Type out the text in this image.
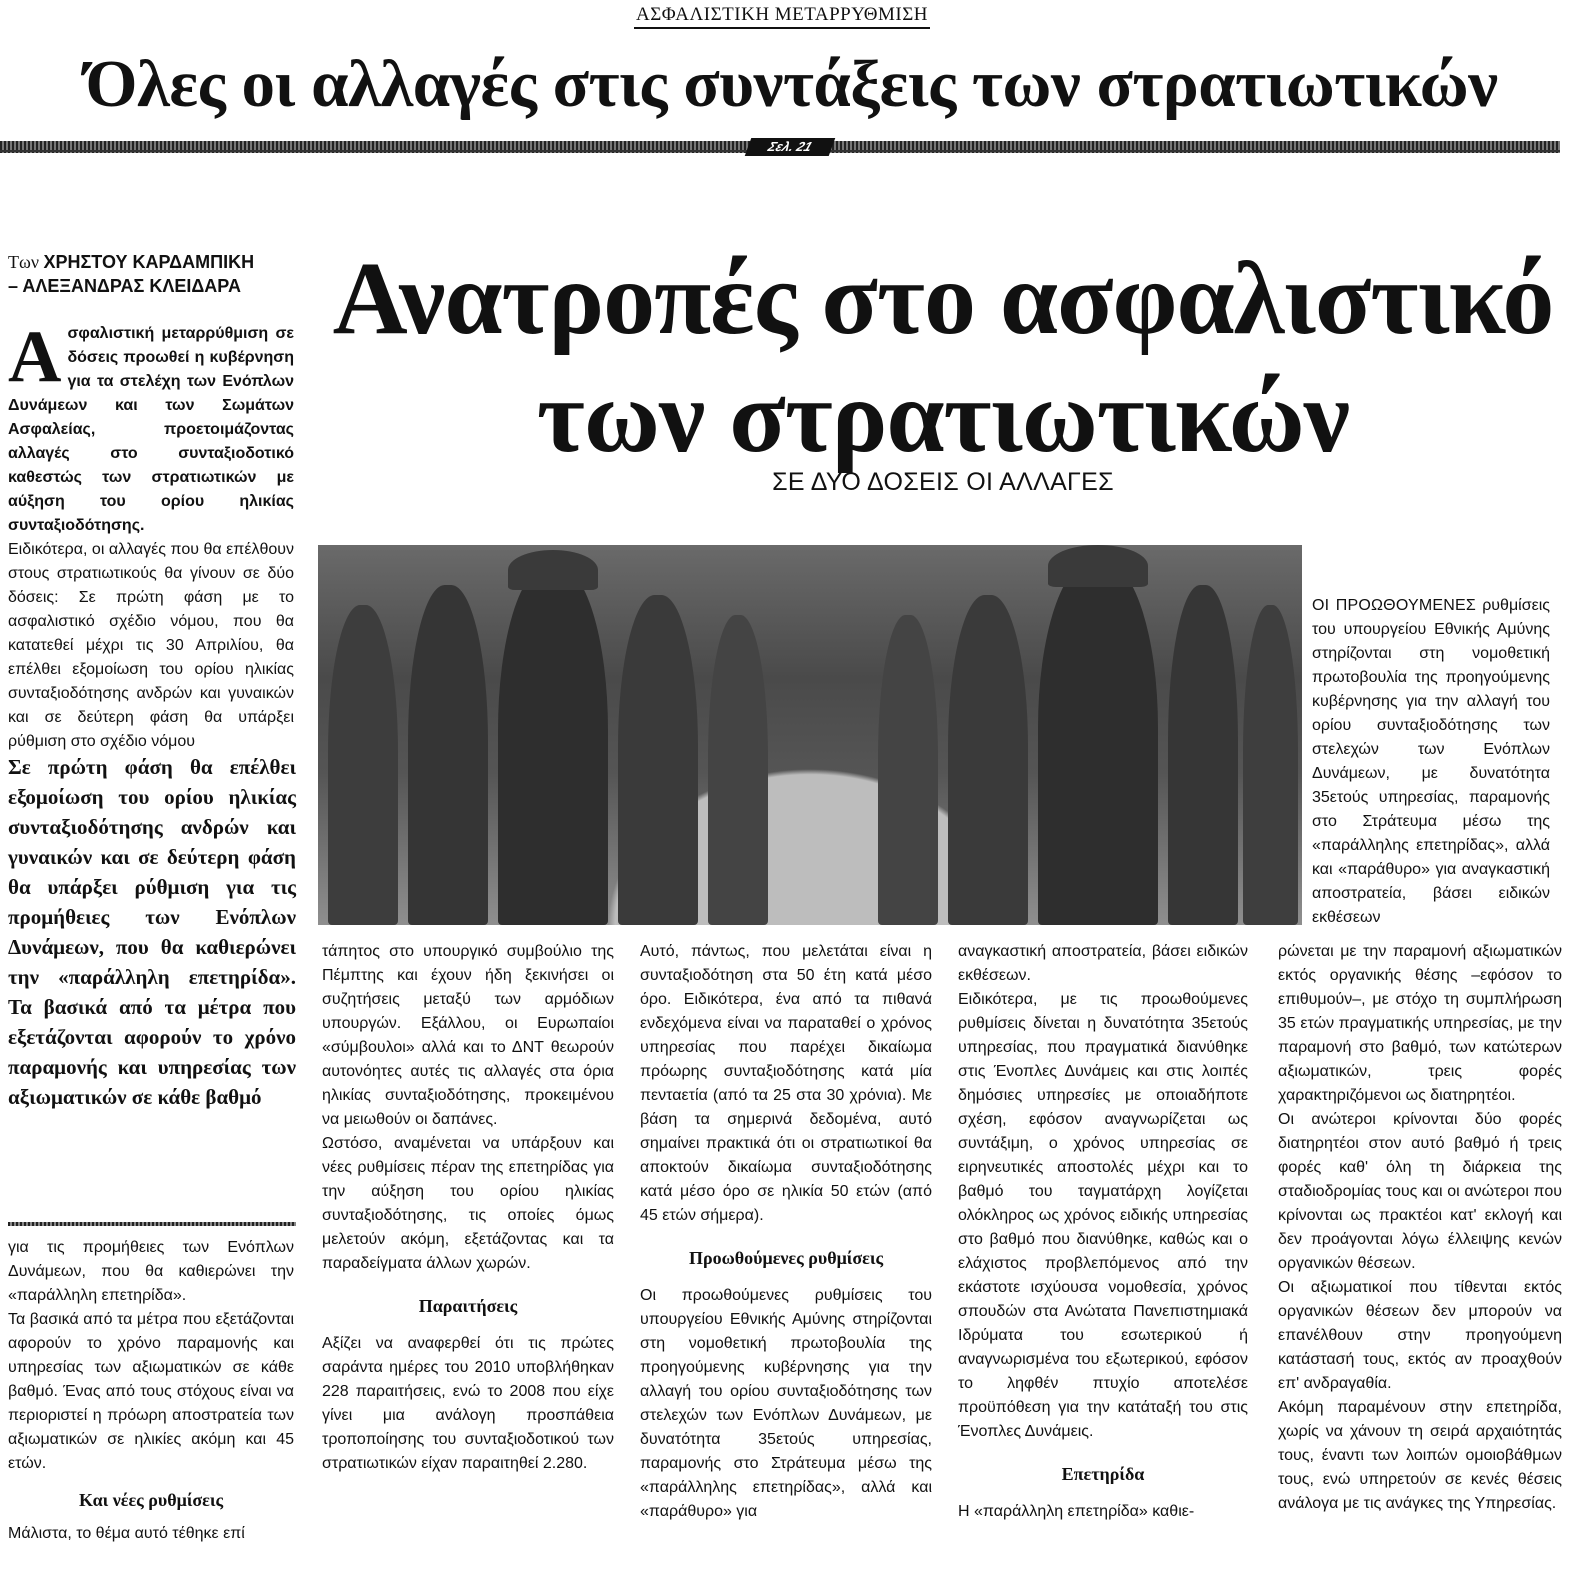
ΑΣΦΑΛΙΣΤΙΚΗ ΜΕΤΑΡΡΥΘΜΙΣΗ
Όλες οι αλλαγές στις συντάξεις των στρατιωτικών
Σελ. 21
Των ΧΡΗΣΤΟΥ ΚΑΡΔΑΜΠΙΚΗ
– ΑΛΕΞΑΝΔΡΑΣ ΚΛΕΙΔΑΡΑ Ανατροπές στο ασφαλιστικό
των στρατιωτικών
ΣΕ ΔΥΟ ΔΟΣΕΙΣ ΟΙ ΑΛΛΑΓΕΣ
Α σφαλιστική μεταρρύθμιση σε δόσεις προωθεί η κυβέρνηση για τα στελέχη των Ενόπλων Δυνάμεων και των Σωμάτων Ασφαλείας, προετοιμάζοντας αλλαγές στο συνταξιοδοτικό καθεστώς των στρατιωτικών με αύξηση του ορίου ηλικίας συνταξιοδότησης.

Ειδικότερα, οι αλλαγές που θα επέλθουν στους στρατιωτικούς θα γίνουν σε δύο δόσεις: Σε πρώτη φάση με το ασφαλιστικό σχέδιο νόμου, που θα κατατεθεί μέχρι τις 30 Απριλίου, θα επέλθει εξομοίωση του ορίου ηλικίας συνταξιοδότησης ανδρών και γυναικών και σε δεύτερη φάση θα υπάρξει ρύθμιση στο σχέδιο νόμου

Σε πρώτη φάση θα επέλθει εξομοίωση του ορίου ηλικίας συνταξιοδότησης ανδρών και γυναικών και σε δεύτερη φάση θα υπάρξει ρύθμιση για τις προμήθειες των Ενόπλων Δυνάμεων, που θα καθιερώνει την «παράλληλη επετηρίδα». Τα βασικά από τα μέτρα που εξετάζονται αφορούν το χρόνο παραμονής και υπηρεσίας των αξιωματικών σε κάθε βαθμό

για τις προμήθειες των Ενόπλων Δυνάμεων, που θα καθιερώνει την «παράλληλη επετηρίδα».

Τα βασικά από τα μέτρα που εξετάζονται αφορούν το χρόνο παραμονής και υπηρεσίας των αξιωματικών σε κάθε βαθμό. Ένας από τους στόχους είναι να περιοριστεί η πρόωρη αποστρατεία των αξιωματικών σε ηλικίες ακόμη και 45 ετών.

Και νέες ρυθμίσεις

Μάλιστα, το θέμα αυτό τέθηκε επί

ΟΙ ΠΡΟΩΘΟΥΜΕΝΕΣ ρυθμίσεις του υπουργείου Εθνικής Αμύνης στηρίζονται στη νομοθετική πρωτοβουλία της προηγούμενης κυβέρνησης για την αλλαγή του ορίου συνταξιοδότησης των στελεχών των Ενόπλων Δυνάμεων, με δυνατότητα 35ετούς υπηρεσίας, παραμονής στο Στράτευμα μέσω της «παράλληλης επετηρίδας», αλλά και «παράθυρο» για αναγκαστική αποστρατεία, βάσει ειδικών εκθέσεων

τάπητος στο υπουργικό συμβούλιο της Πέμπτης και έχουν ήδη ξεκινήσει οι συζητήσεις μεταξύ των αρμόδιων υπουργών. Εξάλλου, οι Ευρωπαίοι «σύμβουλοι» αλλά και το ΔΝΤ θεωρούν αυτονόητες αυτές τις αλλαγές στα όρια ηλικίας συνταξιοδότησης, προκειμένου να μειωθούν οι δαπάνες.

Ωστόσο, αναμένεται να υπάρξουν και νέες ρυθμίσεις πέραν της επετηρίδας για την αύξηση του ορίου ηλικίας συνταξιοδότησης, τις οποίες όμως μελετούν ακόμη, εξετάζοντας και τα παραδείγματα άλλων χωρών.

Παραιτήσεις

Αξίζει να αναφερθεί ότι τις πρώτες σαράντα ημέρες του 2010 υποβλήθηκαν 228 παραιτήσεις, ενώ το 2008 που είχε γίνει μια ανάλογη προσπάθεια τροποποίησης του συνταξιοδοτικού των στρατιωτικών είχαν παραιτηθεί 2.280.

Αυτό, πάντως, που μελετάται είναι η συνταξιοδότηση στα 50 έτη κατά μέσο όρο. Ειδικότερα, ένα από τα πιθανά ενδεχόμενα είναι να παραταθεί ο χρόνος υπηρεσίας που παρέχει δικαίωμα πρόωρης συνταξιοδότησης κατά μία πενταετία (από τα 25 στα 30 χρόνια). Με βάση τα σημερινά δεδομένα, αυτό σημαίνει πρακτικά ότι οι στρατιωτικοί θα αποκτούν δικαίωμα συνταξιοδότησης κατά μέσο όρο σε ηλικία 50 ετών (από 45 ετών σήμερα).

Προωθούμενες ρυθμίσεις

Οι προωθούμενες ρυθμίσεις του υπουργείου Εθνικής Αμύνης στηρίζονται στη νομοθετική πρωτοβουλία της προηγούμενης κυβέρνησης για την αλλαγή του ορίου συνταξιοδότησης των στελεχών των Ενόπλων Δυνάμεων, με δυνατότητα 35ετούς υπηρεσίας, παραμονής στο Στράτευμα μέσω της «παράλληλης επετηρίδας», αλλά και «παράθυρο» για

αναγκαστική αποστρατεία, βάσει ειδικών εκθέσεων.

Ειδικότερα, με τις προωθούμενες ρυθμίσεις δίνεται η δυνατότητα 35ετούς υπηρεσίας, που πραγματικά διανύθηκε στις Ένοπλες Δυνάμεις και στις λοιπές δημόσιες υπηρεσίες με οποιαδήποτε σχέση, εφόσον αναγνωρίζεται ως συντάξιμη, ο χρόνος υπηρεσίας σε ειρηνευτικές αποστολές μέχρι και το βαθμό του ταγματάρχη λογίζεται ολόκληρος ως χρόνος ειδικής υπηρεσίας στο βαθμό που διανύθηκε, καθώς και ο ελάχιστος προβλεπόμενος από την εκάστοτε ισχύουσα νομοθεσία, χρόνος σπουδών στα Ανώτατα Πανεπιστημιακά Ιδρύματα του εσωτερικού ή αναγνωρισμένα του εξωτερικού, εφόσον το ληφθέν πτυχίο αποτελέσε προϋπόθεση για την κατάταξή του στις Ένοπλες Δυνάμεις.

Επετηρίδα

Η «παράλληλη επετηρίδα» καθιε-

ρώνεται με την παραμονή αξιωματικών εκτός οργανικής θέσης –εφόσον το επιθυμούν–, με στόχο τη συμπλήρωση 35 ετών πραγματικής υπηρεσίας, με την παραμονή στο βαθμό, των κατώτερων αξιωματικών, τρεις φορές χαρακτηριζόμενοι ως διατηρητέοι.

Οι ανώτεροι κρίνονται δύο φορές διατηρητέοι στον αυτό βαθμό ή τρεις φορές καθ' όλη τη διάρκεια της σταδιοδρομίας τους και οι ανώτεροι που κρίνονται ως πρακτέοι κατ' εκλογή και δεν προάγονται λόγω έλλειψης κενών οργανικών θέσεων.

Οι αξιωματικοί που τίθενται εκτός οργανικών θέσεων δεν μπορούν να επανέλθουν στην προηγούμενη κατάστασή τους, εκτός αν προαχθούν επ' ανδραγαθία.

Ακόμη παραμένουν στην επετηρίδα, χωρίς να χάνουν τη σειρά αρχαιότητάς τους, έναντι των λοιπών ομοιοβάθμων τους, ενώ υπηρετούν σε κενές θέσεις ανάλογα με τις ανάγκες της Υπηρεσίας.
